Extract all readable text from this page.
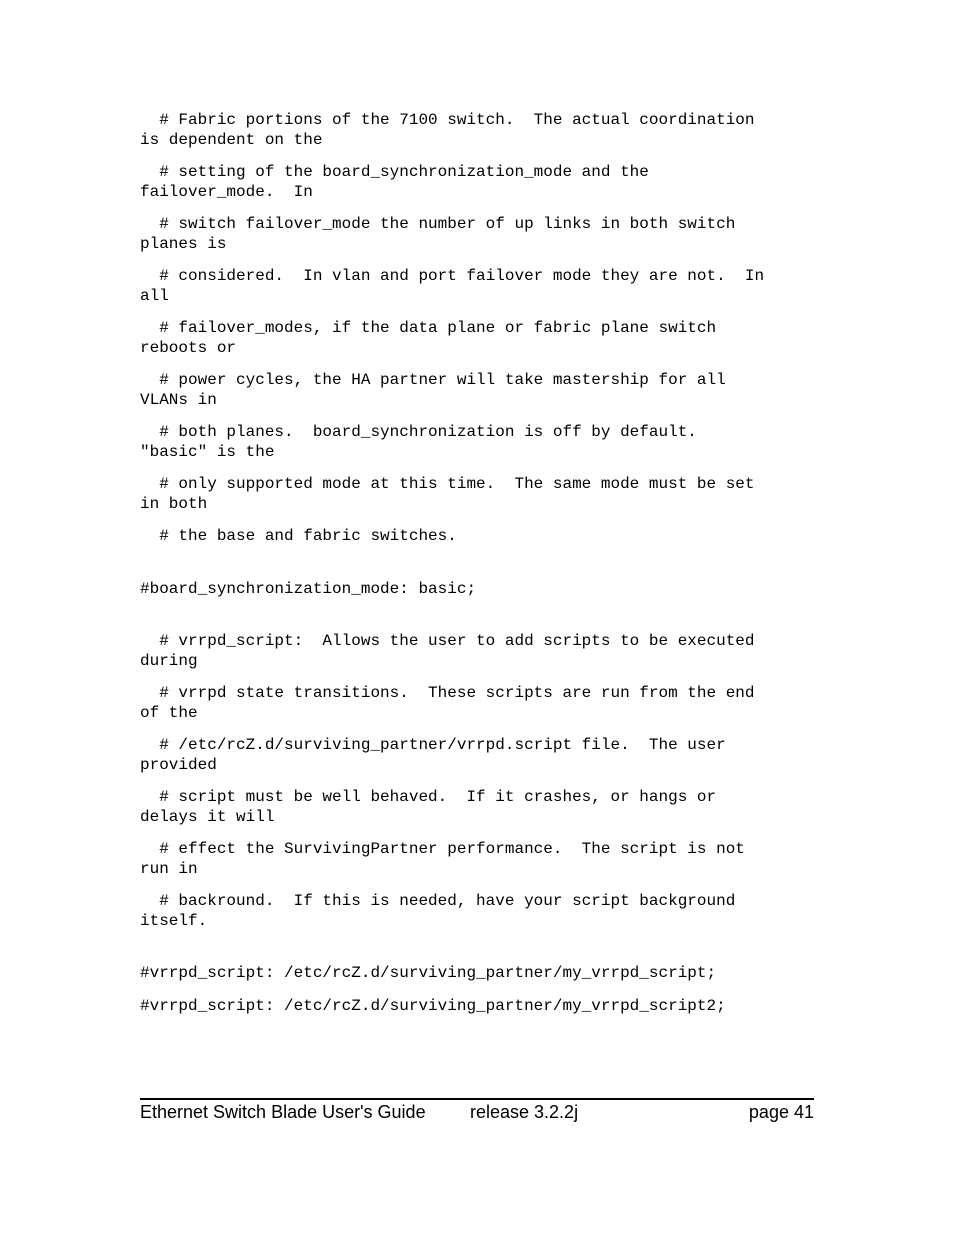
# Fabric portions of the 7100 switch.  The actual coordination
is dependent on the

# setting of the board_synchronization_mode and the
failover_mode.  In

# switch failover_mode the number of up links in both switch
planes is

# considered.  In vlan and port failover mode they are not.  In
all

# failover_modes, if the data plane or fabric plane switch
reboots or

# power cycles, the HA partner will take mastership for all
VLANs in

# both planes.  board_synchronization is off by default.
"basic" is the

# only supported mode at this time.  The same mode must be set
in both

# the base and fabric switches.

#board_synchronization_mode: basic;

# vrrpd_script:  Allows the user to add scripts to be executed
during

# vrrpd state transitions.  These scripts are run from the end
of the

# /etc/rcZ.d/surviving_partner/vrrpd.script file.  The user
provided

# script must be well behaved.  If it crashes, or hangs or
delays it will

# effect the SurvivingPartner performance.  The script is not
run in

# backround.  If this is needed, have your script background
itself.

#vrrpd_script: /etc/rcZ.d/surviving_partner/my_vrrpd_script;

#vrrpd_script: /etc/rcZ.d/surviving_partner/my_vrrpd_script2;

Ethernet Switch Blade User's Guide release 3.2.2j	page 41
